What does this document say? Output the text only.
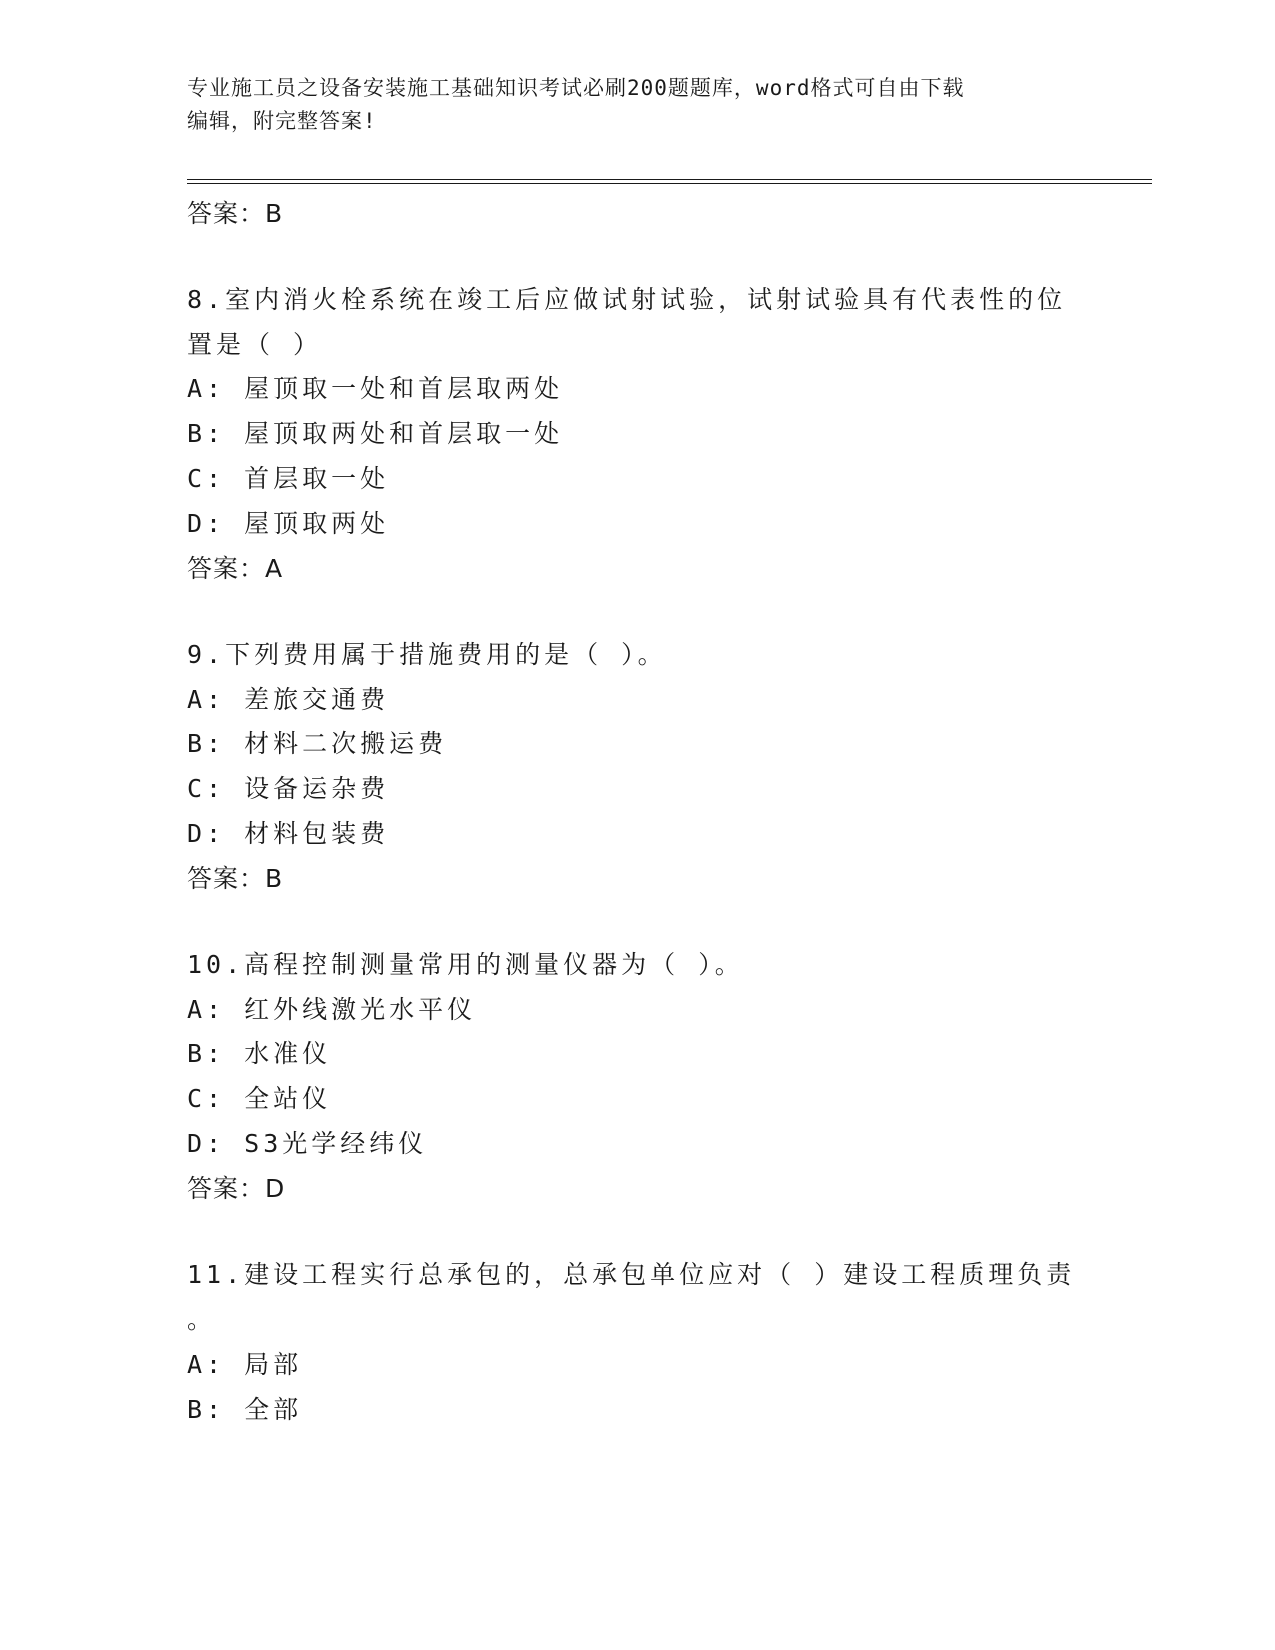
专业施工员之设备安装施工基础知识考试必刷200题题库，word格式可自由下载
编辑，附完整答案!
答案：B
8.室内消火栓系统在竣工后应做试射试验，试射试验具有代表性的位
置是（ ）
A: 屋顶取一处和首层取两处
B: 屋顶取两处和首层取一处
C: 首层取一处
D: 屋顶取两处
答案：A
9.下列费用属于措施费用的是（ ）。
A: 差旅交通费
B: 材料二次搬运费
C: 设备运杂费
D: 材料包装费
答案：B
10.高程控制测量常用的测量仪器为（ ）。
A: 红外线激光水平仪
B: 水准仪
C: 全站仪
D: S3光学经纬仪
答案：D
11.建设工程实行总承包的，总承包单位应对（ ）建设工程质理负责
。
A: 局部
B: 全部
